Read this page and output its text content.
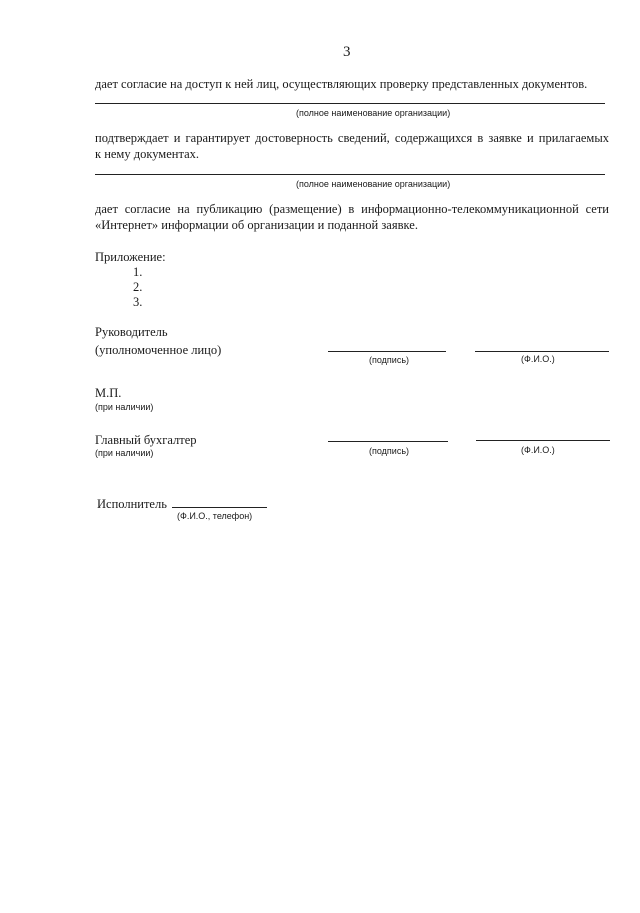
3
дает согласие на доступ к ней лиц, осуществляющих проверку представленных документов.
(полное наименование организации)
подтверждает и гарантирует достоверность сведений, содержащихся в заявке и прилагаемых
к нему документах.
(полное наименование организации)
дает согласие на публикацию (размещение) в информационно-телекоммуникационной сети
«Интернет» информации об организации и поданной заявке.
Приложение:
1.
2.
3.
Руководитель
(уполномоченное лицо)
(подпись)	(Ф.И.О.)
М.П.
(при наличии)
Главный бухгалтер
(при наличии)	(подпись)	(Ф.И.О.)
Исполнитель
(Ф.И.О., телефон)
